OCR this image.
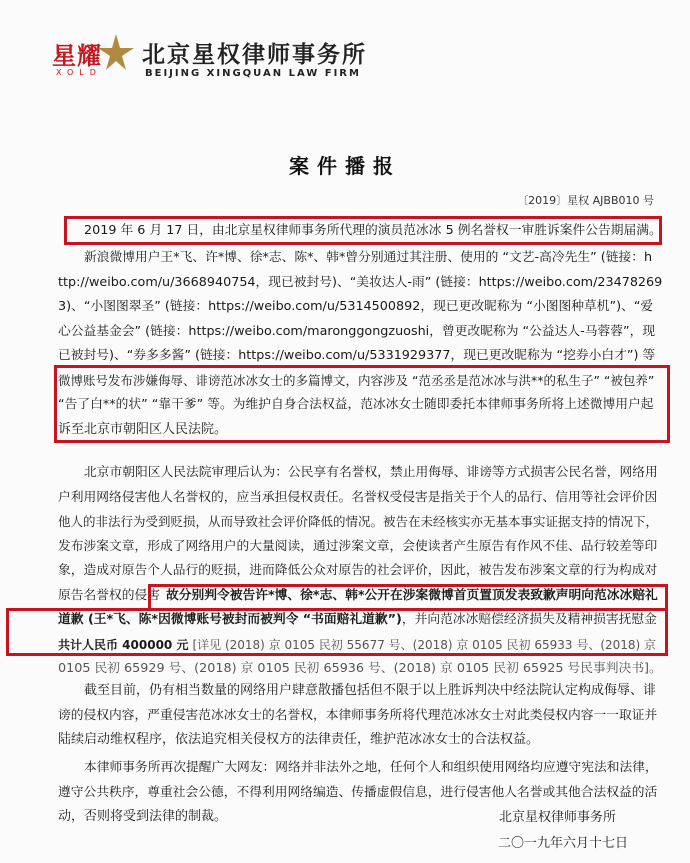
星耀
XOLD
北京星权律师事务所
BEIJING XINGQUAN LAW FIRM
案件播报
〔2019〕星权 AJBB010 号
2019 年 6 月 17 日，由北京星权律师事务所代理的演员范冰冰 5 例名誉权一审胜诉案件公告期届满。
新浪微博用户王*飞、许*博、徐*志、陈*、韩*曾分别通过其注册、使用的 “文艺-高冷先生” (链接：h
ttp://weibo.com/u/3668940754，现已被封号)、“美妆达人-雨” (链接：https://weibo.com/23478269
3)、“小图图翠圣” (链接：https://weibo.com/u/5314500892，现已更改昵称为 “小图图种草机”)、“爱
心公益基金会” (链接：https://weibo.com/maronggongzuoshi，曾更改昵称为 “公益达人-马蓉蓉”，现
已被封号)、“券多多酱” (链接：https://weibo.com/u/5331929377，现已更改昵称为 “挖券小白才”) 等
微博账号发布涉嫌侮辱、诽谤范冰冰女士的多篇博文，内容涉及 “范丞丞是范冰冰与洪**的私生子” “被包养”
“告了白**的状” “靠干爹” 等。为维护自身合法权益，范冰冰女士随即委托本律师事务所将上述微博用户起
诉至北京市朝阳区人民法院。
北京市朝阳区人民法院审理后认为：公民享有名誉权，禁止用侮辱、诽谤等方式损害公民名誉，网络用
户利用网络侵害他人名誉权的，应当承担侵权责任。名誉权受侵害是指关于个人的品行、信用等社会评价因
他人的非法行为受到贬损，从而导致社会评价降低的情况。被告在未经核实亦无基本事实证据支持的情况下，
发布涉案文章，形成了网络用户的大量阅读，通过涉案文章，会使读者产生原告有作风不佳、品行较差等印
象，造成对原告个人品行的贬损，进而降低公众对原告的社会评价，因此，被告发布涉案文章的行为构成对
原告名誉权的侵害 故分别判令被告许*博、徐*志、韩*公开在涉案微博首页置顶发表致歉声明向范冰冰赔礼
道歉 (王*飞、陈*因微博账号被封而被判令 “书面赔礼道歉”)，并向范冰冰赔偿经济损失及精神损害抚慰金
共计人民币 400000 元 [详见 (2018) 京 0105 民初 55677 号、(2018) 京 0105 民初 65933 号、(2018) 京
0105 民初 65929 号、(2018) 京 0105 民初 65936 号、(2018) 京 0105 民初 65925 号民事判决书]。
截至目前，仍有相当数量的网络用户肆意散播包括但不限于以上胜诉判决中经法院认定构成侮辱、诽
谤的侵权内容，严重侵害范冰冰女士的名誉权，本律师事务所将代理范冰冰女士对此类侵权内容一一取证并
陆续启动维权程序，依法追究相关侵权方的法律责任，维护范冰冰女士的合法权益。
本律师事务所再次提醒广大网友：网络并非法外之地，任何个人和组织使用网络均应遵守宪法和法律，
遵守公共秩序，尊重社会公德，不得利用网络编造、传播虚假信息，进行侵害他人名誉或其他合法权益的活
动，否则将受到法律的制裁。	北京星权律师事务所
二〇一九年六月十七日
